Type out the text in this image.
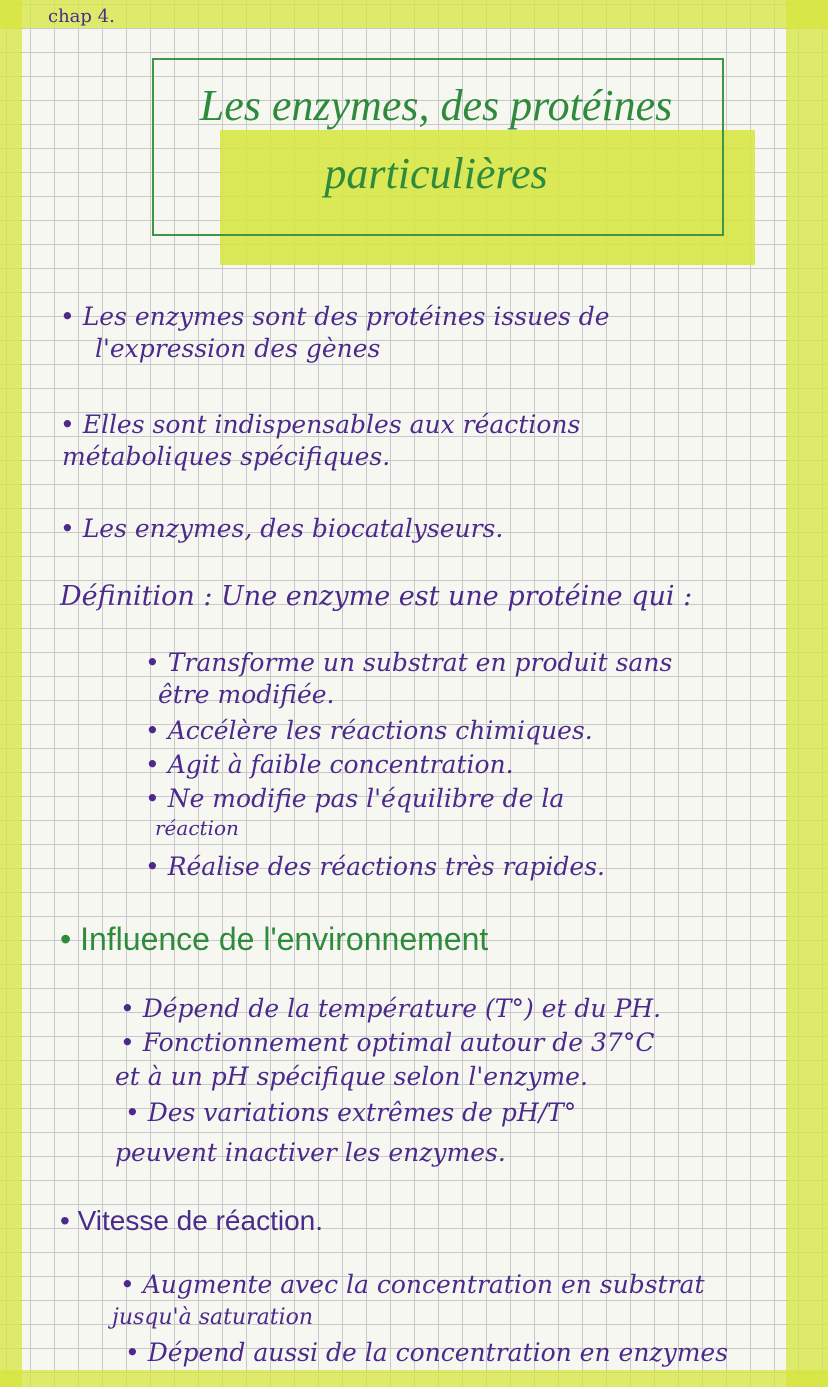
chap 4.
Les enzymes, des protéines
particulières
• Les enzymes sont des protéines issues de
l'expression des gènes
• Elles sont indispensables aux réactions
métaboliques spécifiques.
• Les enzymes, des biocatalyseurs.
Définition : Une enzyme est une protéine qui :
• Transforme un substrat en produit sans
être modifiée.
• Accélère les réactions chimiques.
• Agit à faible concentration.
• Ne modifie pas l'équilibre de la
réaction
• Réalise des réactions très rapides.
• Influence de l'environnement
• Dépend de la température (T°) et du PH.
• Fonctionnement optimal autour de 37°C
et à un pH spécifique selon l'enzyme.
• Des variations extrêmes de pH/T°
peuvent inactiver les enzymes.
• Vitesse de réaction.
• Augmente avec la concentration en substrat
jusqu'à saturation
• Dépend aussi de la concentration en enzymes
